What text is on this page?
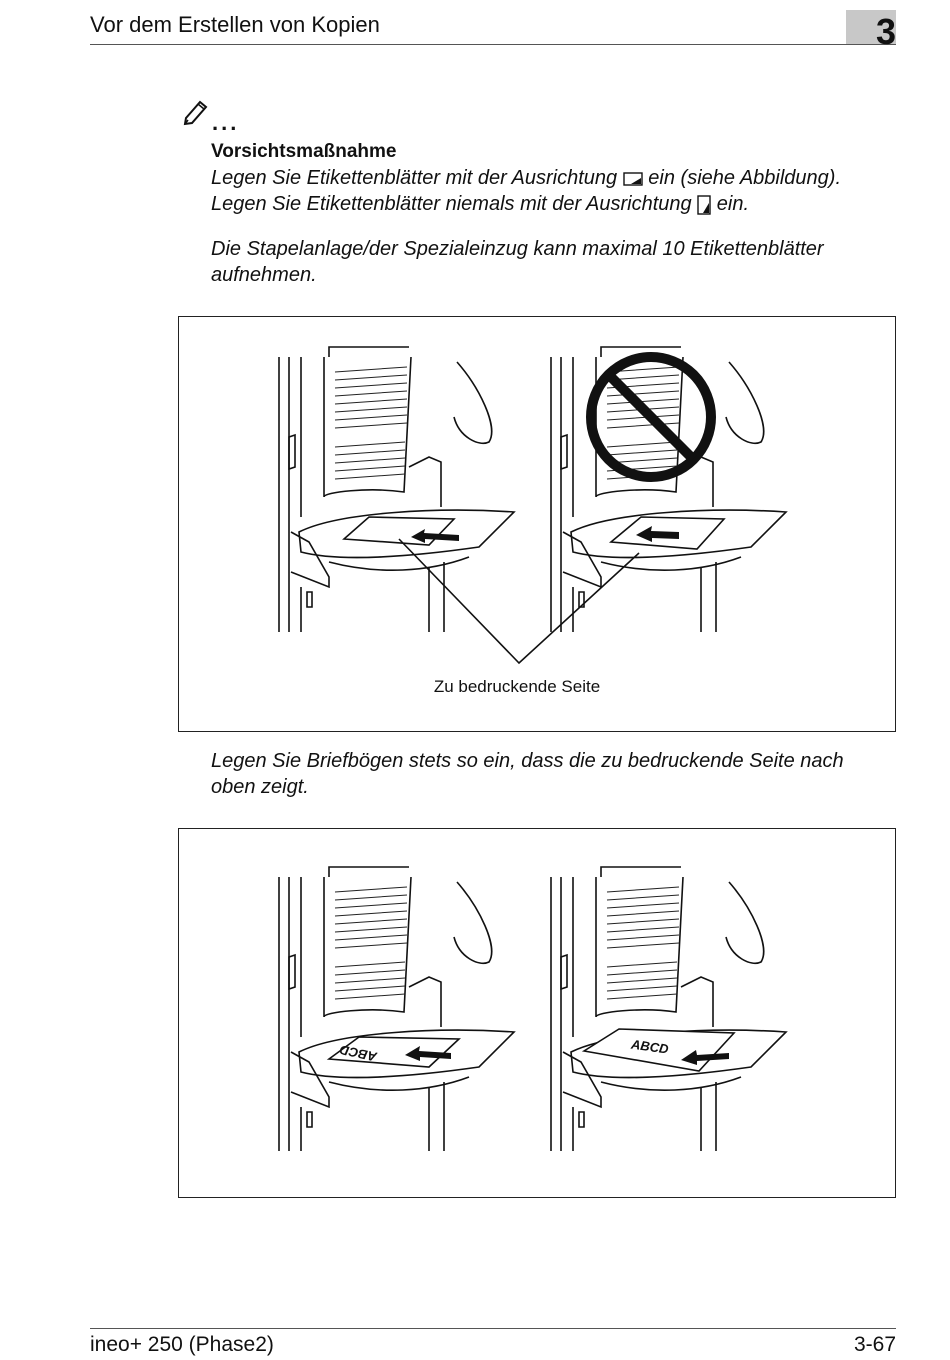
Vor dem Erstellen von Kopien	3
...
Vorsichtsmaßnahme
Legen Sie Etikettenblätter mit der Ausrichtung ein (siehe Abbildung).
Legen Sie Etikettenblätter niemals mit der Ausrichtung ein.
Die Stapelanlage/der Spezialeinzug kann maximal 10 Etikettenblätter
aufnehmen.
Zu bedruckende Seite
Legen Sie Briefbögen stets so ein, dass die zu bedruckende Seite nach
oben zeigt.
ABCD	ABCD
ineo+ 250 (Phase2)	3-67
